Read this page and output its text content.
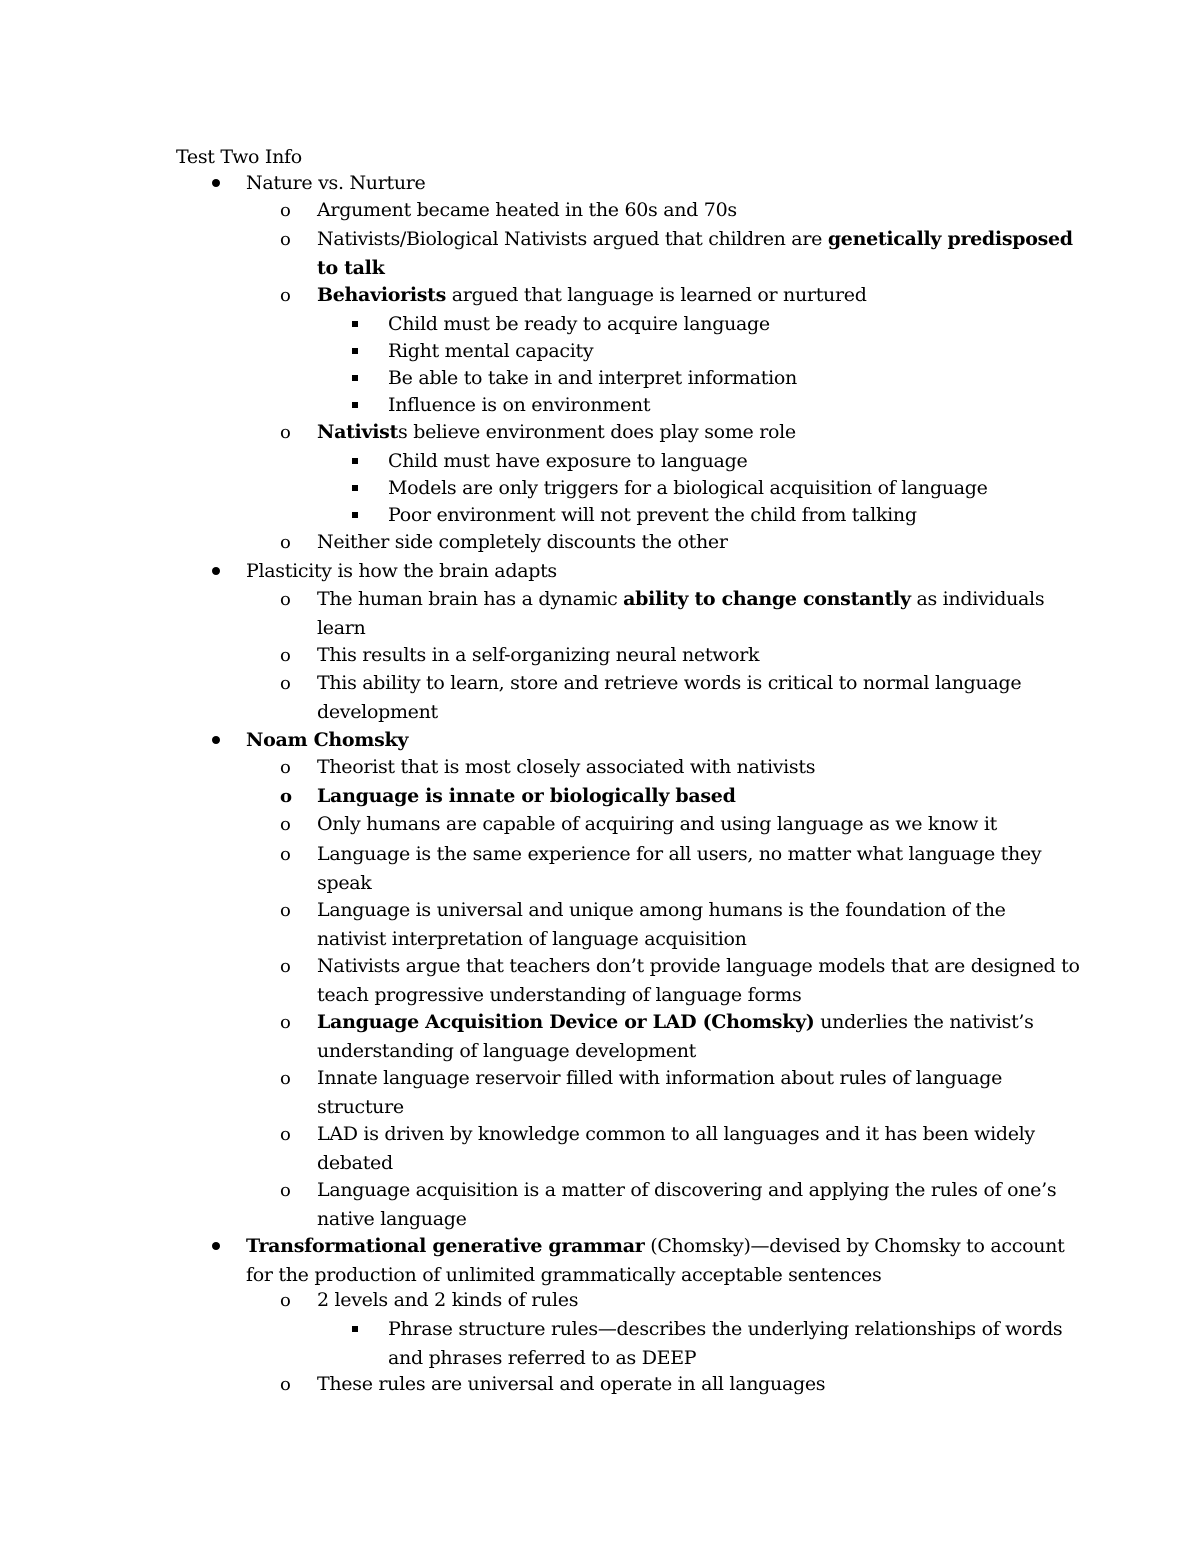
Test Two Info
Nature vs. Nurture
o	Argument became heated in the 60s and 70s
o	Nativists/Biological Nativists argued that children are genetically predisposed to talk
o	Behaviorists argued that language is learned or nurtured
Child must be ready to acquire language
Right mental capacity
Be able to take in and interpret information
Influence is on environment
o	Nativists believe environment does play some role
Child must have exposure to language
Models are only triggers for a biological acquisition of language
Poor environment will not prevent the child from talking
o	Neither side completely discounts the other
Plasticity is how the brain adapts
o	The human brain has a dynamic ability to change constantly as individuals learn
o	This results in a self-organizing neural network
o	This ability to learn, store and retrieve words is critical to normal language development
Noam Chomsky
o	Theorist that is most closely associated with nativists
o	Language is innate or biologically based
o	Only humans are capable of acquiring and using language as we know it
o	Language is the same experience for all users, no matter what language they speak
o	Language is universal and unique among humans is the foundation of the nativist interpretation of language acquisition
o	Nativists argue that teachers don’t provide language models that are designed to teach progressive understanding of language forms
o	Language Acquisition Device or LAD (Chomsky) underlies the nativist’s understanding of language development
o	Innate language reservoir filled with information about rules of language structure
o	LAD is driven by knowledge common to all languages and it has been widely debated
o	Language acquisition is a matter of discovering and applying the rules of one’s native language
Transformational generative grammar (Chomsky)—devised by Chomsky to account for the production of unlimited grammatically acceptable sentences
o	2 levels and 2 kinds of rules
Phrase structure rules—describes the underlying relationships of words and phrases referred to as DEEP
o	These rules are universal and operate in all languages
